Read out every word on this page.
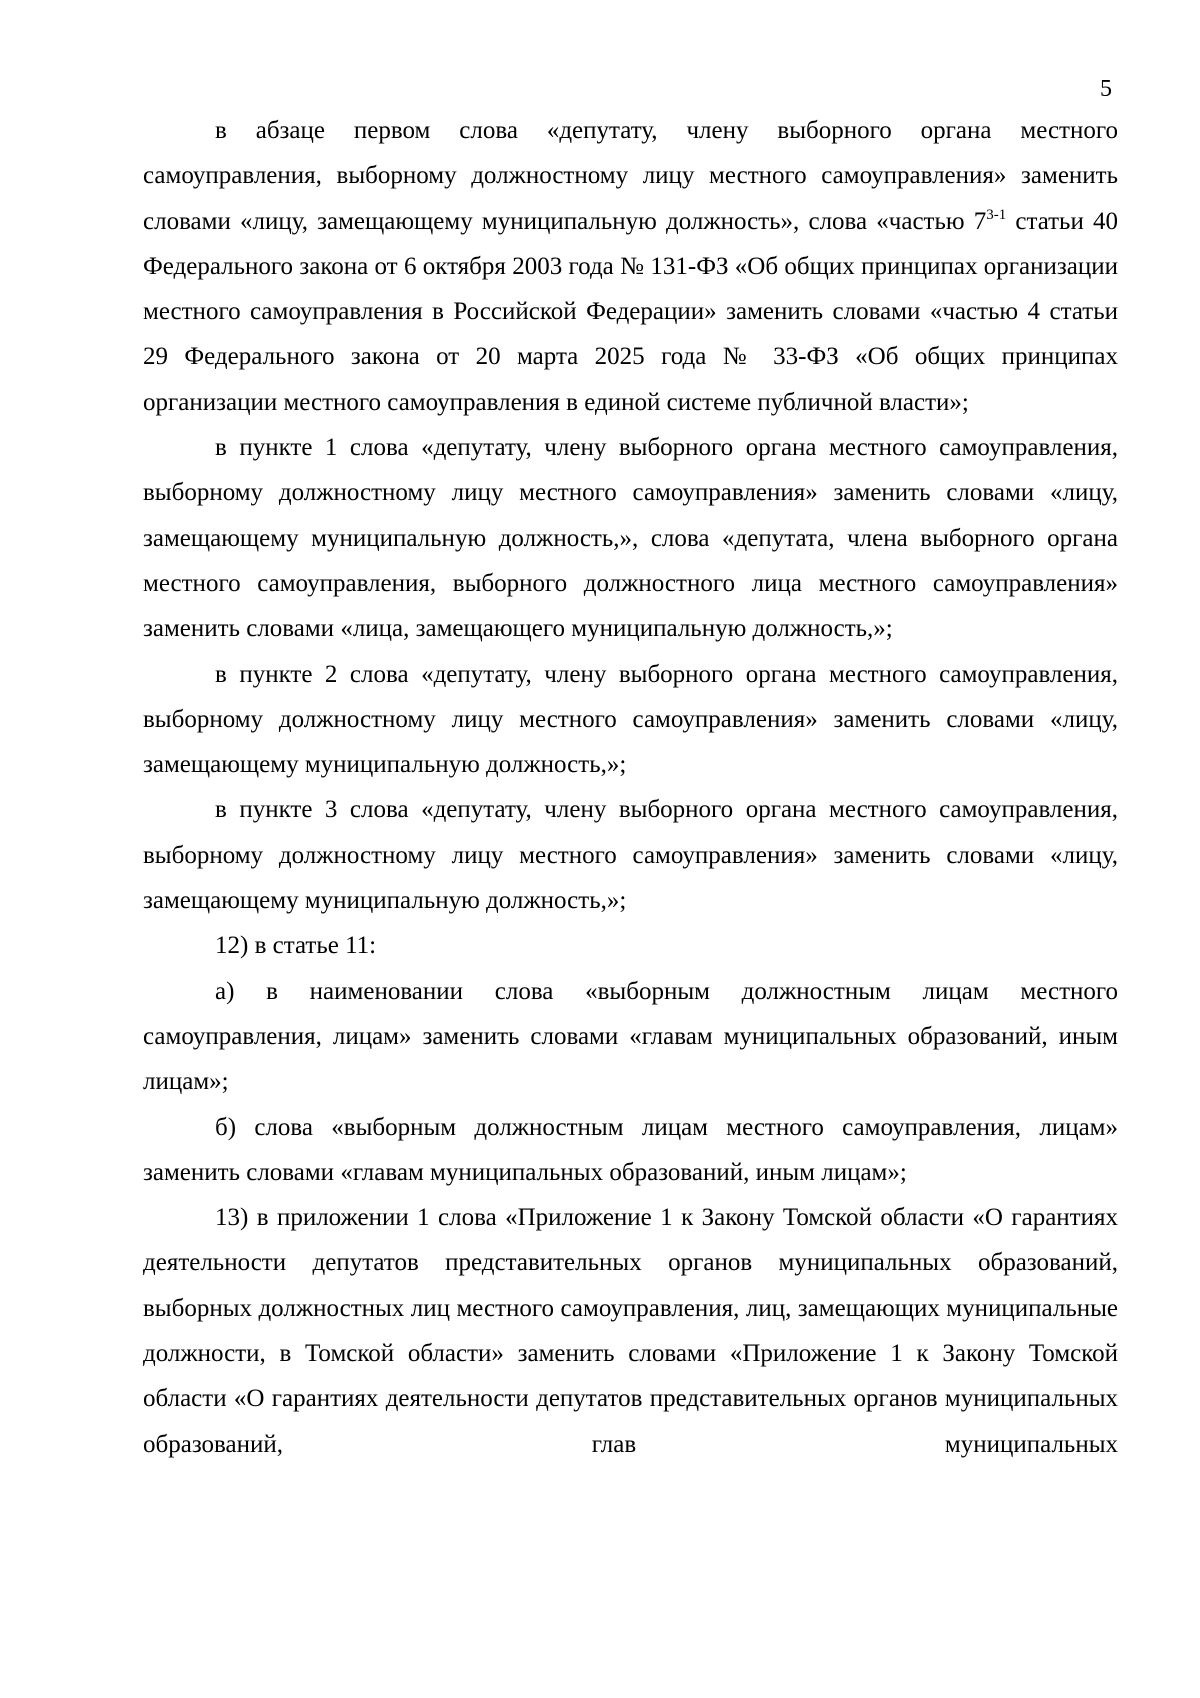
5

в абзаце первом слова «депутату, члену выборного органа местного самоуправления, выборному должностному лицу местного самоуправления» заменить словами «лицу, замещающему муниципальную должность», слова «частью 7$^{3-1}$ статьи 40 Федерального закона от 6 октября 2003 года № 131-ФЗ «Об общих принципах организации местного самоуправления в Российской Федерации» заменить словами «частью 4 статьи 29 Федерального закона от 20 марта 2025 года № 33-ФЗ «Об общих принципах организации местного самоуправления в единой системе публичной власти»;

в пункте 1 слова «депутату, члену выборного органа местного самоуправления, выборному должностному лицу местного самоуправления» заменить словами «лицу, замещающему муниципальную должность,», слова «депутата, члена выборного органа местного самоуправления, выборного должностного лица местного самоуправления» заменить словами «лица, замещающего муниципальную должность,»;

в пункте 2 слова «депутату, члену выборного органа местного самоуправления, выборному должностному лицу местного самоуправления» заменить словами «лицу, замещающему муниципальную должность,»;

в пункте 3 слова «депутату, члену выборного органа местного самоуправления, выборному должностному лицу местного самоуправления» заменить словами «лицу, замещающему муниципальную должность,»;

12) в статье 11:

а) в наименовании слова «выборным должностным лицам местного самоуправления, лицам» заменить словами «главам муниципальных образований, иным лицам»;

б) слова «выборным должностным лицам местного самоуправления, лицам» заменить словами «главам муниципальных образований, иным лицам»;

13) в приложении 1 слова «Приложение 1 к Закону Томской области «О гарантиях деятельности депутатов представительных органов муниципальных образований, выборных должностных лиц местного самоуправления, лиц, замещающих муниципальные должности, в Томской области» заменить словами «Приложение 1 к Закону Томской области «О гарантиях деятельности депутатов представительных органов муниципальных образований, глав муниципальных
